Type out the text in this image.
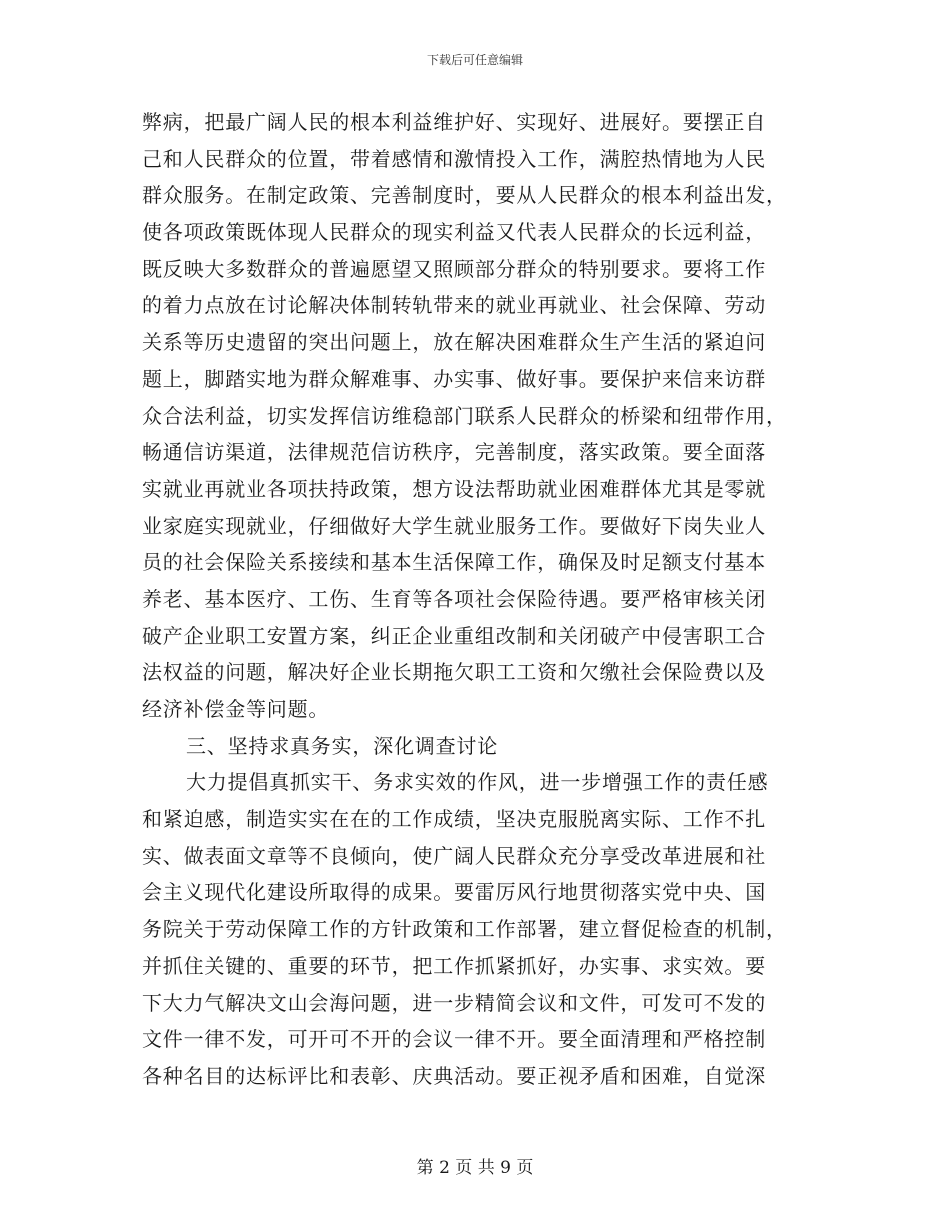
下载后可任意编辑
弊病，把最广阔人民的根本利益维护好、实现好、进展好。要摆正自
己和人民群众的位置，带着感情和激情投入工作，满腔热情地为人民
群众服务。在制定政策、完善制度时，要从人民群众的根本利益出发，
使各项政策既体现人民群众的现实利益又代表人民群众的长远利益，
既反映大多数群众的普遍愿望又照顾部分群众的特别要求。要将工作
的着力点放在讨论解决体制转轨带来的就业再就业、社会保障、劳动
关系等历史遗留的突出问题上，放在解决困难群众生产生活的紧迫问
题上，脚踏实地为群众解难事、办实事、做好事。要保护来信来访群
众合法利益，切实发挥信访维稳部门联系人民群众的桥梁和纽带作用，
畅通信访渠道，法律规范信访秩序，完善制度，落实政策。要全面落
实就业再就业各项扶持政策，想方设法帮助就业困难群体尤其是零就
业家庭实现就业，仔细做好大学生就业服务工作。要做好下岗失业人
员的社会保险关系接续和基本生活保障工作，确保及时足额支付基本
养老、基本医疗、工伤、生育等各项社会保险待遇。要严格审核关闭
破产企业职工安置方案，纠正企业重组改制和关闭破产中侵害职工合
法权益的问题，解决好企业长期拖欠职工工资和欠缴社会保险费以及
经济补偿金等问题。
三、坚持求真务实，深化调查讨论
大力提倡真抓实干、务求实效的作风，进一步增强工作的责任感
和紧迫感，制造实实在在的工作成绩，坚决克服脱离实际、工作不扎
实、做表面文章等不良倾向，使广阔人民群众充分享受改革进展和社
会主义现代化建设所取得的成果。要雷厉风行地贯彻落实党中央、国
务院关于劳动保障工作的方针政策和工作部署，建立督促检查的机制，
并抓住关键的、重要的环节，把工作抓紧抓好，办实事、求实效。要
下大力气解决文山会海问题，进一步精简会议和文件，可发可不发的
文件一律不发，可开可不开的会议一律不开。要全面清理和严格控制
各种名目的达标评比和表彰、庆典活动。要正视矛盾和困难，自觉深
第 2 页 共 9 页
